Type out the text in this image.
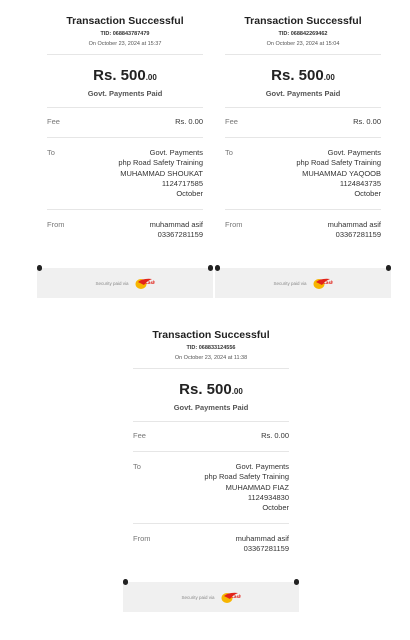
Transaction Successful
TID: 068843787479
On October 23, 2024 at 15:37
Rs. 500.00
Govt. Payments Paid
Fee	Rs. 0.00
To	Govt. Payments
php Road Safety Training
MUHAMMAD SHOUKAT
1124717585
October
From	muhammad asif
03367281159
Security paid via	Cash
Transaction Successful
TID: 068842269462
On October 23, 2024 at 15:04
Rs. 500.00
Govt. Payments Paid
Fee	Rs. 0.00
To	Govt. Payments
php Road Safety Training
MUHAMMAD YAQOOB
1124843735
October
From	muhammad asif
03367281159
Security paid via	Cash
Transaction Successful
TID: 068833124556
On October 23, 2024 at 11:38
Rs. 500.00
Govt. Payments Paid
Fee	Rs. 0.00
To	Govt. Payments
php Road Safety Training
MUHAMMAD FIAZ
1124934830
October
From	muhammad asif
03367281159
Security paid via	Cash
